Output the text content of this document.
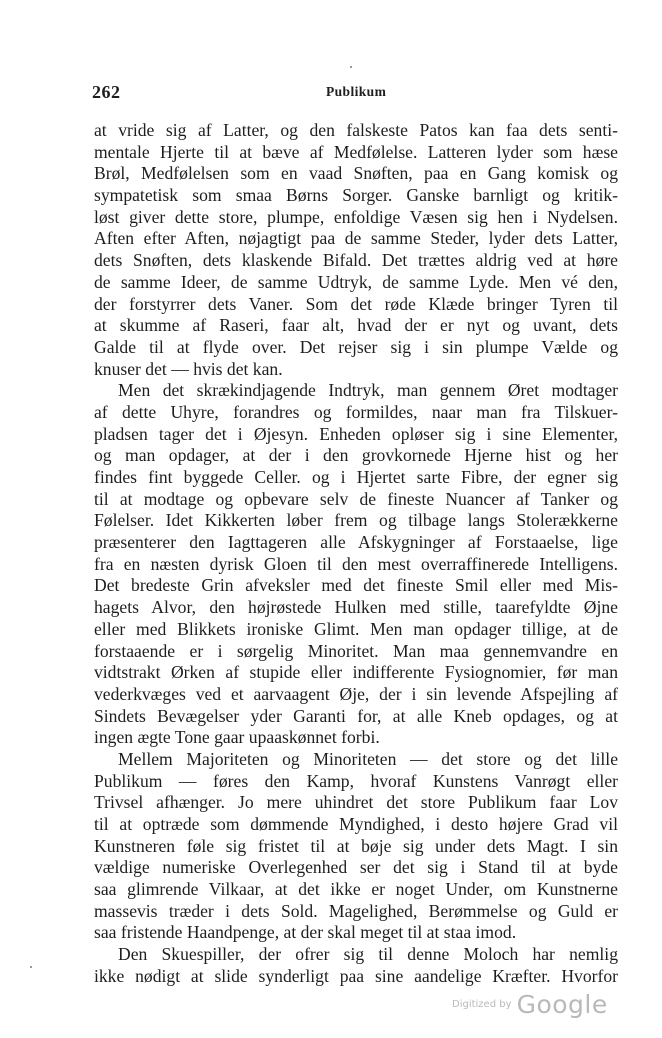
262	Publikum
at vride sig af Latter, og den falskeste Patos kan faa dets senti-
mentale Hjerte til at bæve af Medfølelse. Latteren lyder som hæse
Brøl, Medfølelsen som en vaad Snøften, paa en Gang komisk og
sympatetisk som smaa Børns Sorger. Ganske barnligt og kritik-
løst giver dette store, plumpe, enfoldige Væsen sig hen i Nydelsen.
Aften efter Aften, nøjagtigt paa de samme Steder, lyder dets Latter,
dets Snøften, dets klaskende Bifald. Det trættes aldrig ved at høre
de samme Ideer, de samme Udtryk, de samme Lyde. Men vé den,
der forstyrrer dets Vaner. Som det røde Klæde bringer Tyren til
at skumme af Raseri, faar alt, hvad der er nyt og uvant, dets
Galde til at flyde over. Det rejser sig i sin plumpe Vælde og
knuser det — hvis det kan.
Men det skrækindjagende Indtryk, man gennem Øret modtager
af dette Uhyre, forandres og formildes, naar man fra Tilskuer-
pladsen tager det i Øjesyn. Enheden opløser sig i sine Elementer,
og man opdager, at der i den grovkornede Hjerne hist og her
findes fint byggede Celler. og i Hjertet sarte Fibre, der egner sig
til at modtage og opbevare selv de fineste Nuancer af Tanker og
Følelser. Idet Kikkerten løber frem og tilbage langs Stolerækkerne
præsenterer den Iagttageren alle Afskygninger af Forstaaelse, lige
fra en næsten dyrisk Gloen til den mest overraffinerede Intelligens.
Det bredeste Grin afveksler med det fineste Smil eller med Mis-
hagets Alvor, den højrøstede Hulken med stille, taarefyldte Øjne
eller med Blikkets ironiske Glimt. Men man opdager tillige, at de
forstaaende er i sørgelig Minoritet. Man maa gennemvandre en
vidtstrakt Ørken af stupide eller indifferente Fysiognomier, før man
vederkvæges ved et aarvaagent Øje, der i sin levende Afspejling af
Sindets Bevægelser yder Garanti for, at alle Kneb opdages, og at
ingen ægte Tone gaar upaaskønnet forbi.
Mellem Majoriteten og Minoriteten — det store og det lille
Publikum — føres den Kamp, hvoraf Kunstens Vanrøgt eller
Trivsel afhænger. Jo mere uhindret det store Publikum faar Lov
til at optræde som dømmende Myndighed, i desto højere Grad vil
Kunstneren føle sig fristet til at bøje sig under dets Magt. I sin
vældige numeriske Overlegenhed ser det sig i Stand til at byde
saa glimrende Vilkaar, at det ikke er noget Under, om Kunstnerne
massevis træder i dets Sold. Magelighed, Berømmelse og Guld er
saa fristende Haandpenge, at der skal meget til at staa imod.
Den Skuespiller, der ofrer sig til denne Moloch har nemlig
ikke nødigt at slide synderligt paa sine aandelige Kræfter. Hvorfor
Digitized by Google
